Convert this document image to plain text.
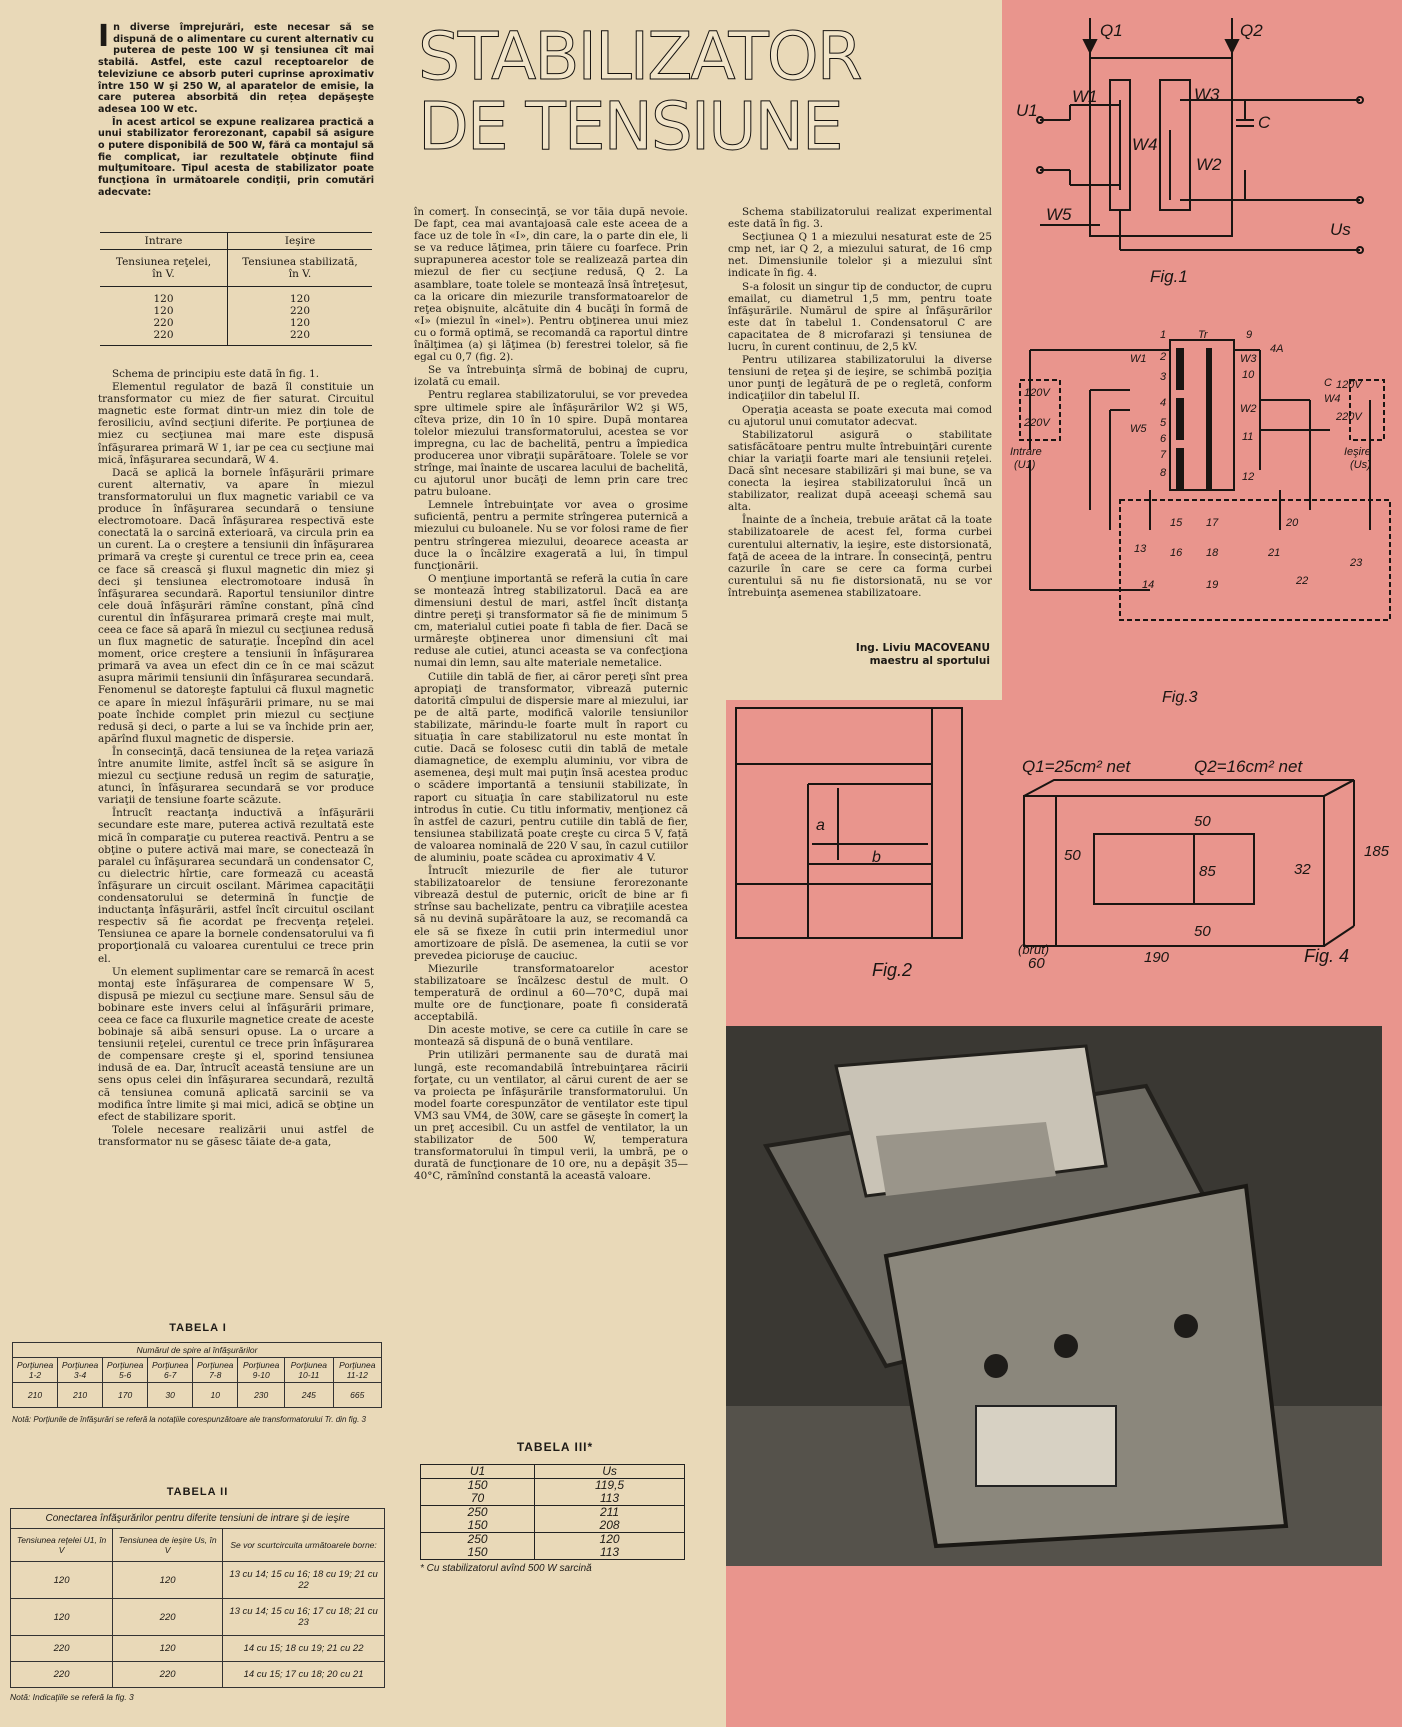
STABILIZATOR
DE TENSIUNE
I n diverse împrejurări, este necesar să se dispună de o alimentare cu curent alternativ cu puterea de peste 100 W şi tensiunea cît mai stabilă. Astfel, este cazul receptoarelor de televiziune ce absorb puteri cuprinse aproximativ între 150 W şi 250 W, al aparatelor de emisie, la care puterea absorbită din rețea depăşeşte adesea 100 W etc.

În acest articol se expune realizarea practică a unui stabilizator ferorezonant, capabil să asigure o putere disponibilă de 500 W, fără ca montajul să fie complicat, iar rezultatele obţinute fiind mulţumitoare. Tipul acesta de stabilizator poate funcţiona în următoarele condiţii, prin comutări adecvate:

Intrare	Ieşire
Tensiunea reţelei, în V.	Tensiunea stabilizată, în V.
120	120
120	220
220	120
220	220

Schema de principiu este dată în fig. 1.

Elementul regulator de bază îl constituie un transformator cu miez de fier saturat. Circuitul magnetic este format dintr-un miez din tole de ferosiliciu, avînd secţiuni diferite. Pe porţiunea de miez cu secţiunea mai mare este dispusă înfăşurarea primară W 1, iar pe cea cu secţiune mai mică, înfăşurarea secundară, W 4.

Dacă se aplică la bornele înfăşurării primare curent alternativ, va apare în miezul transformatorului un flux magnetic variabil ce va produce în înfăşurarea secundară o tensiune electromotoare. Dacă înfăşurarea respectivă este conectată la o sarcină exterioară, va circula prin ea un curent. La o creştere a tensiunii din înfăşurarea primară va creşte şi curentul ce trece prin ea, ceea ce face să crească şi fluxul magnetic din miez şi deci şi tensiunea electromotoare indusă în înfăşurarea secundară. Raportul tensiunilor dintre cele două înfăşurări rămîne constant, pînă cînd curentul din înfăşurarea primară creşte mai mult, ceea ce face să apară în miezul cu secţiunea redusă un flux magnetic de saturaţie. Începînd din acel moment, orice creştere a tensiunii în înfăşurarea primară va avea un efect din ce în ce mai scăzut asupra mărimii tensiunii din înfăşurarea secundară. Fenomenul se datoreşte faptului că fluxul magnetic ce apare în miezul înfăşurării primare, nu se mai poate închide complet prin miezul cu secţiune redusă şi deci, o parte a lui se va închide prin aer, apărînd fluxul magnetic de dispersie.

În consecinţă, dacă tensiunea de la reţea variază între anumite limite, astfel încît să se asigure în miezul cu secţiune redusă un regim de saturaţie, atunci, în înfăşurarea secundară se vor produce variaţii de tensiune foarte scăzute.

Întrucît reactanţa inductivă a înfăşurării secundare este mare, puterea activă rezultată este mică în comparaţie cu puterea reactivă. Pentru a se obţine o putere activă mai mare, se conectează în paralel cu înfăşurarea secundară un condensator C, cu dielectric hîrtie, care formează cu această înfăşurare un circuit oscilant. Mărimea capacităţii condensatorului se determină în funcţie de inductanţa înfăşurării, astfel încît circuitul oscilant respectiv să fie acordat pe frecvenţa reţelei. Tensiunea ce apare la bornele condensatorului va fi proporţională cu valoarea curentului ce trece prin el.

Un element suplimentar care se remarcă în acest montaj este înfăşurarea de compensare W 5, dispusă pe miezul cu secţiune mare. Sensul său de bobinare este invers celui al înfăşurării primare, ceea ce face ca fluxurile magnetice create de aceste bobinaje să aibă sensuri opuse. La o urcare a tensiunii reţelei, curentul ce trece prin înfăşurarea de compensare creşte şi el, sporind tensiunea indusă de ea. Dar, întrucît această tensiune are un sens opus celei din înfăşurarea secundară, rezultă că tensiunea comună aplicată sarcinii se va modifica între limite şi mai mici, adică se obţine un efect de stabilizare sporit.

Tolele necesare realizării unui astfel de transformator nu se găsesc tăiate de-a gata,

TABELA I
Numărul de spire al înfăşurărilor							
Porţiunea 1-2	Porţiunea 3-4	Porţiunea 5-6	Porţiunea 6-7	Porţiunea 7-8	Porţiunea 9-10	Porţiunea 10-11	Porţiunea 11-12
210	210	170	30	10	230	245	665
Notă: Porţiunile de înfăşurări se referă la notaţiile corespunzătoare ale transformatorului Tr. din fig. 3
TABELA II
Conectarea înfăşurărilor pentru diferite tensiuni de intrare şi de ieşire		
Tensiunea reţelei U1, în V	Tensiunea de ieşire Us, în V	Se vor scurtcircuita următoarele borne:
120	120	13 cu 14; 15 cu 16; 18 cu 19; 21 cu 22
120	220	13 cu 14; 15 cu 16; 17 cu 18; 21 cu 23
220	120	14 cu 15; 18 cu 19; 21 cu 22
220	220	14 cu 15; 17 cu 18; 20 cu 21
Notă: Indicaţiile se referă la fig. 3

în comerţ. În consecinţă, se vor tăia după nevoie. De fapt, cea mai avantajoasă cale este aceea de a face uz de tole în «I», din care, la o parte din ele, li se va reduce lăţimea, prin tăiere cu foarfece. Prin suprapunerea acestor tole se realizează partea din miezul de fier cu secţiune redusă, Q 2. La asamblare, toate tolele se montează însă întreţesut, ca la oricare din miezurile transformatoarelor de reţea obişnuite, alcătuite din 4 bucăţi în formă de «I» (miezul în «inel»). Pentru obţinerea unui miez cu o formă optimă, se recomandă ca raportul dintre înălţimea (a) şi lăţimea (b) ferestrei tolelor, să fie egal cu 0,7 (fig. 2).

Se va întrebuinţa sîrmă de bobinaj de cupru, izolată cu email.

Pentru reglarea stabilizatorului, se vor prevedea spre ultimele spire ale înfăşurărilor W2 şi W5, cîteva prize, din 10 în 10 spire. După montarea tolelor miezului transformatorului, acestea se vor impregna, cu lac de bachelită, pentru a împiedica producerea unor vibraţii supărătoare. Tolele se vor strînge, mai înainte de uscarea lacului de bachelită, cu ajutorul unor bucăţi de lemn prin care trec patru buloane.

Lemnele întrebuinţate vor avea o grosime suficientă, pentru a permite strîngerea puternică a miezului cu buloanele. Nu se vor folosi rame de fier pentru strîngerea miezului, deoarece aceasta ar duce la o încălzire exagerată a lui, în timpul funcţionării.

O menţiune importantă se referă la cutia în care se montează întreg stabilizatorul. Dacă ea are dimensiuni destul de mari, astfel încît distanţa dintre pereţi şi transformator să fie de minimum 5 cm, materialul cutiei poate fi tabla de fier. Dacă se urmăreşte obţinerea unor dimensiuni cît mai reduse ale cutiei, atunci aceasta se va confecţiona numai din lemn, sau alte materiale nemetalice.

Cutiile din tablă de fier, ai căror pereţi sînt prea apropiaţi de transformator, vibrează puternic datorită cîmpului de dispersie mare al miezului, iar pe de altă parte, modifică valorile tensiunilor stabilizate, mărindu-le foarte mult în raport cu situaţia în care stabilizatorul nu este montat în cutie. Dacă se folosesc cutii din tablă de metale diamagnetice, de exemplu aluminiu, vor vibra de asemenea, deşi mult mai puţin însă acestea produc o scădere importantă a tensiunii stabilizate, în raport cu situaţia în care stabilizatorul nu este introdus în cutie. Cu titlu informativ, menţionez că în astfel de cazuri, pentru cutiile din tablă de fier, tensiunea stabilizată poate creşte cu circa 5 V, față de valoarea nominală de 220 V sau, în cazul cutiilor de aluminiu, poate scădea cu aproximativ 4 V.

Întrucît miezurile de fier ale tuturor stabilizatoarelor de tensiune ferorezonante vibrează destul de puternic, oricît de bine ar fi strînse sau bachelizate, pentru ca vibraţiile acestea să nu devină supărătoare la auz, se recomandă ca ele să se fixeze în cutii prin intermediul unor amortizoare de pîslă. De asemenea, la cutii se vor prevedea picioruşe de cauciuc.

Miezurile transformatoarelor acestor stabilizatoare se încălzesc destul de mult. O temperatură de ordinul a 60—70°C, după mai multe ore de funcţionare, poate fi considerată acceptabilă.

Din aceste motive, se cere ca cutiile în care se montează să dispună de o bună ventilare.

Prin utilizări permanente sau de durată mai lungă, este recomandabilă întrebuinţarea răcirii forţate, cu un ventilator, al cărui curent de aer se va proiecta pe înfăşurările transformatorului. Un model foarte corespunzător de ventilator este tipul VM3 sau VM4, de 30W, care se găseşte în comerţ la un preţ accesibil. Cu un astfel de ventilator, la un stabilizator de 500 W, temperatura transformatorului în timpul verii, la umbră, pe o durată de funcţionare de 10 ore, nu a depăşit 35—40°C, rămînînd constantă la această valoare.

TABELA III*
U1	Us
150	119,5
70	113
250	211
150	208
250	120
150	113
* Cu stabilizatorul avînd 500 W sarcină

Schema stabilizatorului realizat experimental este dată în fig. 3.

Secţiunea Q 1 a miezului nesaturat este de 25 cmp net, iar Q 2, a miezului saturat, de 16 cmp net. Dimensiunile tolelor şi a miezului sînt indicate în fig. 4.

S-a folosit un singur tip de conductor, de cupru emailat, cu diametrul 1,5 mm, pentru toate înfăşurările. Numărul de spire al înfăşurărilor este dat în tabelul 1. Condensatorul C are capacitatea de 8 microfarazi şi tensiunea de lucru, în curent continuu, de 2,5 kV.

Pentru utilizarea stabilizatorului la diverse tensiuni de reţea şi de ieşire, se schimbă poziţia unor punţi de legătură de pe o regletă, conform indicaţiilor din tabelul II.

Operaţia aceasta se poate executa mai comod cu ajutorul unui comutator adecvat.

Stabilizatorul asigură o stabilitate satisfăcătoare pentru multe întrebuinţări curente chiar la variaţii foarte mari ale tensiunii reţelei. Dacă sînt necesare stabilizări şi mai bune, se va conecta la ieşirea stabilizatorului încă un stabilizator, realizat după aceeaşi schemă sau alta.

Înainte de a încheia, trebuie arătat că la toate stabilizatoarele de acest fel, forma curbei curentului alternativ, la ieşire, este distorsionată, faţă de aceea de la intrare. În consecinţă, pentru cazurile în care se cere ca forma curbei curentului să nu fie distorsionată, nu se vor întrebuinţa asemenea stabilizatoare.

Ing. Liviu MACOVEANU
maestru al sportului
Q1	Q2
U1
W1	W3
W4
W2
C
W5
Us
Fig.1
Tr
4A
W1
W5
W3
W2
W4
C
120V
220V
120V
220V
Intrare
(U1)
Ieşire
(Us)
1
2
3
4
5
6
7
8
9
10
11
12
13
14
15
16
17
18
19
20
21
22
23
Fig.3
a
b
Fig.2
Q1=25cm² net	Q2=16cm² net
50
85
50
50
32
185
60
(brut)	190	Fig. 4
